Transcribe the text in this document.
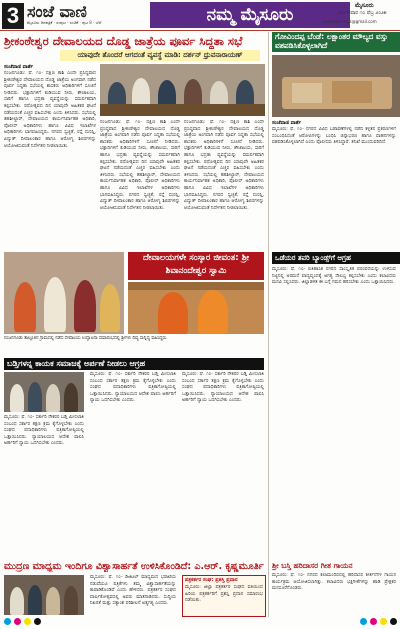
3 ಸಂಜೆ ವಾಣಿ
ಮೈಸೂರು ದಿನಪತ್ರಿಕೆ · ಸಂಪುಟ · ಸಂಚಿಕೆ · ಪುಟ 8 · ಬೆಲೆ	ನಮ್ಮ ಮೈಸೂರು	ಮೈಸೂರು
ಮಂಗಳವಾರ ೧೦ ಫೆಬ್ರ ೨೦೨೫
sanjevani.mys@gmail.com
ಶ್ರೀಕಂಠೇಶ್ವರ ದೇವಾಲಯದ ದೊಡ್ಡ ಜಾತ್ರೆಯ ಪೂರ್ವ ಸಿದ್ಧತಾ ಸಭೆ
ಯಾವುದೇ ತೊಂದರೆ ಆಗದಂತೆ ವ್ಯವಸ್ಥೆ ಮಾಡಿ: ದರ್ಶನ್ ಧ್ರುವನಾರಾಯಣ್
ಸಂಜೆವಾಣಿ ವಾರ್ತೆ
ನಂಜನಗೂಡು: ಫೆ. ೧೦- ದಕ್ಷಿಣ ಕಾಶಿ ಎಂದೇ ಪ್ರಸಿದ್ಧವಾದ ಶ್ರೀಕಂಠೇಶ್ವರ ದೇವಾಲಯದ ದೊಡ್ಡ ಜಾತ್ರೆಯ ಅಂಗವಾಗಿ ನಡೆದ ಪೂರ್ವ ಸಿದ್ಧತಾ ಸಭೆಯಲ್ಲಿ ಶಾಸಕರು ಅಧಿಕಾರಿಗಳಿಗೆ ಸೂಚನೆ ನೀಡಿದರು. ಭಕ್ತಾದಿಗಳಿಗೆ ಕುಡಿಯುವ ನೀರು, ಶೌಚಾಲಯ, ಸಾರಿಗೆ ಹಾಗೂ ಭದ್ರತಾ ವ್ಯವಸ್ಥೆಯನ್ನು ಸಮರ್ಪಕವಾಗಿ ಕಲ್ಪಿಸಬೇಕು. ರಥೋತ್ಸವದ ದಿನ ಯಾವುದೇ ಅಹಿತಕರ ಘಟನೆ ನಡೆಯದಂತೆ ಎಚ್ಚರ ವಹಿಸಬೇಕು ಎಂದು ತಿಳಿಸಿದರು. ಸಭೆಯಲ್ಲಿ ತಹಶೀಲ್ದಾರ್, ದೇವಾಲಯದ ಕಾರ್ಯನಿರ್ವಾಹಕ ಅಧಿಕಾರಿ, ಪೊಲೀಸ್ ಅಧಿಕಾರಿಗಳು ಹಾಗೂ ವಿವಿಧ ಇಲಾಖೆಗಳ ಅಧಿಕಾರಿಗಳು ಭಾಗವಹಿಸಿದ್ದರು. ನಗರದ ಸ್ವಚ್ಛತೆ, ರಸ್ತೆ ದುರಸ್ತಿ, ವಿದ್ಯುತ್ ದೀಪಾಲಂಕಾರ ಹಾಗೂ ಆರೋಗ್ಯ ಶಿಬಿರಗಳನ್ನು ಆಯೋಜಿಸುವಂತೆ ನಿರ್ದೇಶನ ನೀಡಲಾಯಿತು.
ನಂಜನಗೂಡು: ಫೆ. ೧೦- ದಕ್ಷಿಣ ಕಾಶಿ ಎಂದೇ ಪ್ರಸಿದ್ಧವಾದ ಶ್ರೀಕಂಠೇಶ್ವರ ದೇವಾಲಯದ ದೊಡ್ಡ ಜಾತ್ರೆಯ ಅಂಗವಾಗಿ ನಡೆದ ಪೂರ್ವ ಸಿದ್ಧತಾ ಸಭೆಯಲ್ಲಿ ಶಾಸಕರು ಅಧಿಕಾರಿಗಳಿಗೆ ಸೂಚನೆ ನೀಡಿದರು. ಭಕ್ತಾದಿಗಳಿಗೆ ಕುಡಿಯುವ ನೀರು, ಶೌಚಾಲಯ, ಸಾರಿಗೆ ಹಾಗೂ ಭದ್ರತಾ ವ್ಯವಸ್ಥೆಯನ್ನು ಸಮರ್ಪಕವಾಗಿ ಕಲ್ಪಿಸಬೇಕು. ರಥೋತ್ಸವದ ದಿನ ಯಾವುದೇ ಅಹಿತಕರ ಘಟನೆ ನಡೆಯದಂತೆ ಎಚ್ಚರ ವಹಿಸಬೇಕು ಎಂದು ತಿಳಿಸಿದರು. ಸಭೆಯಲ್ಲಿ ತಹಶೀಲ್ದಾರ್, ದೇವಾಲಯದ ಕಾರ್ಯನಿರ್ವಾಹಕ ಅಧಿಕಾರಿ, ಪೊಲೀಸ್ ಅಧಿಕಾರಿಗಳು ಹಾಗೂ ವಿವಿಧ ಇಲಾಖೆಗಳ ಅಧಿಕಾರಿಗಳು ಭಾಗವಹಿಸಿದ್ದರು. ನಗರದ ಸ್ವಚ್ಛತೆ, ರಸ್ತೆ ದುರಸ್ತಿ, ವಿದ್ಯುತ್ ದೀಪಾಲಂಕಾರ ಹಾಗೂ ಆರೋಗ್ಯ ಶಿಬಿರಗಳನ್ನು ಆಯೋಜಿಸುವಂತೆ ನಿರ್ದೇಶನ ನೀಡಲಾಯಿತು.
ನಂಜನಗೂಡು: ಫೆ. ೧೦- ದಕ್ಷಿಣ ಕಾಶಿ ಎಂದೇ ಪ್ರಸಿದ್ಧವಾದ ಶ್ರೀಕಂಠೇಶ್ವರ ದೇವಾಲಯದ ದೊಡ್ಡ ಜಾತ್ರೆಯ ಅಂಗವಾಗಿ ನಡೆದ ಪೂರ್ವ ಸಿದ್ಧತಾ ಸಭೆಯಲ್ಲಿ ಶಾಸಕರು ಅಧಿಕಾರಿಗಳಿಗೆ ಸೂಚನೆ ನೀಡಿದರು. ಭಕ್ತಾದಿಗಳಿಗೆ ಕುಡಿಯುವ ನೀರು, ಶೌಚಾಲಯ, ಸಾರಿಗೆ ಹಾಗೂ ಭದ್ರತಾ ವ್ಯವಸ್ಥೆಯನ್ನು ಸಮರ್ಪಕವಾಗಿ ಕಲ್ಪಿಸಬೇಕು. ರಥೋತ್ಸವದ ದಿನ ಯಾವುದೇ ಅಹಿತಕರ ಘಟನೆ ನಡೆಯದಂತೆ ಎಚ್ಚರ ವಹಿಸಬೇಕು ಎಂದು ತಿಳಿಸಿದರು. ಸಭೆಯಲ್ಲಿ ತಹಶೀಲ್ದಾರ್, ದೇವಾಲಯದ ಕಾರ್ಯನಿರ್ವಾಹಕ ಅಧಿಕಾರಿ, ಪೊಲೀಸ್ ಅಧಿಕಾರಿಗಳು ಹಾಗೂ ವಿವಿಧ ಇಲಾಖೆಗಳ ಅಧಿಕಾರಿಗಳು ಭಾಗವಹಿಸಿದ್ದರು. ನಗರದ ಸ್ವಚ್ಛತೆ, ರಸ್ತೆ ದುರಸ್ತಿ, ವಿದ್ಯುತ್ ದೀಪಾಲಂಕಾರ ಹಾಗೂ ಆರೋಗ್ಯ ಶಿಬಿರಗಳನ್ನು ಆಯೋಜಿಸುವಂತೆ ನಿರ್ದೇಶನ ನೀಡಲಾಯಿತು.
ಗೋವಿಂದಪ್ಪ ಬೆಂಡೆ: ಲಕ್ಷಾಂತರ ಮೌಲ್ಯದ ವಸ್ತು ವಶಪಡಿಸಿಕೊಳ್ಳಲಾಗಿದೆ
ಸಂಜೆವಾಣಿ ವಾರ್ತೆ
ಮೈಸೂರು: ಫೆ. ೧೦- ನಗರದ ವಿವಿಧ ಬಡಾವಣೆಗಳಲ್ಲಿ ನಡೆದ ಕಳ್ಳತನ ಪ್ರಕರಣಗಳಿಗೆ ಸಂಬಂಧಿಸಿದಂತೆ ಆರೋಪಿಗಳನ್ನು ಬಂಧಿಸಿ ಚಿನ್ನಾಭರಣ ಹಾಗೂ ವಾಹನಗಳನ್ನು ವಶಪಡಿಸಿಕೊಳ್ಳಲಾಗಿದೆ ಎಂದು ಪೊಲೀಸರು ತಿಳಿಸಿದ್ದಾರೆ. ತನಿಖೆ ಮುಂದುವರಿದಿದೆ.
ದೇವಾಲಯಗಳೇ ಸಂಸ್ಕಾರ ಜೀವಂತ: ಶ್ರೀ ಶಿವಾನಂದೇಶ್ವರ ಸ್ವಾಮಿ
ನಂಜನಗೂಡು ತಾಲ್ಲೂಕಿನ ಗ್ರಾಮದಲ್ಲಿ ನಡೆದ ದೇವಾಲಯ ಉದ್ಘಾಟನಾ ಸಮಾರಂಭದಲ್ಲಿ ಶ್ರೀಗಳು ದಿವ್ಯ ಸಾನ್ನಿಧ್ಯ ವಹಿಸಿದ್ದರು.
ಬಡ್ತಿಗಳನ್ನ ಕಾಯಕ ಸಮಾಜಕ್ಕೆ ಅರ್ಪಣೆ ನೀಡಲು ಆಗ್ರಹ
ಮೈಸೂರು: ಫೆ. ೧೦- ಸರ್ಕಾರಿ ನೌಕರರ ಬಡ್ತಿ ಮೀಸಲಾತಿ ಸಂಬಂಧ ಸರ್ಕಾರ ತಕ್ಷಣ ಕ್ರಮ ಕೈಗೊಳ್ಳಬೇಕು ಎಂದು ಸಂಘದ ಪದಾಧಿಕಾರಿಗಳು ಪತ್ರಿಕಾಗೋಷ್ಠಿಯಲ್ಲಿ ಒತ್ತಾಯಿಸಿದರು. ನ್ಯಾಯಾಲಯದ ಆದೇಶ ಪಾಲಿಸಿ ಅರ್ಹರಿಗೆ ನ್ಯಾಯ ಒದಗಿಸಬೇಕು ಎಂದರು.
ಮೈಸೂರು: ಫೆ. ೧೦- ಸರ್ಕಾರಿ ನೌಕರರ ಬಡ್ತಿ ಮೀಸಲಾತಿ ಸಂಬಂಧ ಸರ್ಕಾರ ತಕ್ಷಣ ಕ್ರಮ ಕೈಗೊಳ್ಳಬೇಕು ಎಂದು ಸಂಘದ ಪದಾಧಿಕಾರಿಗಳು ಪತ್ರಿಕಾಗೋಷ್ಠಿಯಲ್ಲಿ ಒತ್ತಾಯಿಸಿದರು. ನ್ಯಾಯಾಲಯದ ಆದೇಶ ಪಾಲಿಸಿ ಅರ್ಹರಿಗೆ ನ್ಯಾಯ ಒದಗಿಸಬೇಕು ಎಂದರು.
ಮೈಸೂರು: ಫೆ. ೧೦- ಸರ್ಕಾರಿ ನೌಕರರ ಬಡ್ತಿ ಮೀಸಲಾತಿ ಸಂಬಂಧ ಸರ್ಕಾರ ತಕ್ಷಣ ಕ್ರಮ ಕೈಗೊಳ್ಳಬೇಕು ಎಂದು ಸಂಘದ ಪದಾಧಿಕಾರಿಗಳು ಪತ್ರಿಕಾಗೋಷ್ಠಿಯಲ್ಲಿ ಒತ್ತಾಯಿಸಿದರು. ನ್ಯಾಯಾಲಯದ ಆದೇಶ ಪಾಲಿಸಿ ಅರ್ಹರಿಗೆ ನ್ಯಾಯ ಒದಗಿಸಬೇಕು ಎಂದರು.
ಒಡೆಯರ ತವರಿ ಬ್ಯಾಂಡ್ಸ್‌ಗೆ ಆಗ್ರಹ
ಮೈಸೂರು: ಫೆ. ೧೦- ಐತಿಹಾಸಿಕ ನಗರದ ಸಾಂಸ್ಕೃತಿಕ ಪರಂಪರೆಯನ್ನು ಉಳಿಸುವ ನಿಟ್ಟಿನಲ್ಲಿ ಅರಮನೆ ವಾದ್ಯವೃಂದಕ್ಕೆ ಅಗತ್ಯ ಸೌಲಭ್ಯ ಕಲ್ಪಿಸಬೇಕು ಎಂದು ಕಲಾವಿದರು ಮನವಿ ಸಲ್ಲಿಸಿದರು. ಜಿಲ್ಲಾಡಳಿತ ಈ ಬಗ್ಗೆ ಗಮನ ಹರಿಸಬೇಕು ಎಂದು ಒತ್ತಾಯಿಸಿದರು.
ಮುದ್ರಣ ಮಾಧ್ಯಮ ಇಂದಿಗೂ ವಿಶ್ವಾಸಾರ್ಹತೆ ಉಳಿಸಿಕೊಂಡಿದೆ: ಎ.ಆರ್. ಕೃಷ್ಣಮೂರ್ತಿ
ಮೈಸೂರು: ಫೆ. ೧೦- ಡಿಜಿಟಲ್ ಮಾಧ್ಯಮದ ಭರಾಟೆಯ ನಡುವೆಯೂ ಪತ್ರಿಕೆಗಳು ತಮ್ಮ ವಿಶ್ವಾಸಾರ್ಹತೆಯನ್ನು ಕಾಪಾಡಿಕೊಂಡಿವೆ ಎಂದು ಹೇಳಿದರು. ಪತ್ರಕರ್ತರ ಸಂಘದ ವಾರ್ಷಿಕೋತ್ಸವದಲ್ಲಿ ಅವರು ಮಾತನಾಡಿದರು. ಸುದ್ದಿಯ ನಿಖರತೆ ಮತ್ತು ಸತ್ಯಾಂಶ ಪರಿಶೀಲನೆ ಅತ್ಯಗತ್ಯ ಎಂದರು.
ಪತ್ರಕರ್ತರ ಸಂಘ: ಪ್ರಶಸ್ತಿ ಪ್ರದಾನ
ಮೈಸೂರು: ಜಿಲ್ಲಾ ಪತ್ರಕರ್ತರ ಸಂಘದ ವತಿಯಿಂದ ಹಿರಿಯ ಪತ್ರಕರ್ತರಿಗೆ ಪ್ರಶಸ್ತಿ ಪ್ರದಾನ ಸಮಾರಂಭ ನಡೆಯಿತು.
ಶ್ರೀ ಬಸ್ತಿ ಹರಿದಾಸರ ಗೀತ ಗಾಯನ
ಮೈಸೂರು: ಫೆ. ೧೦- ನಗರದ ಕಲಾಮಂದಿರದಲ್ಲಿ ಹರಿದಾಸರ ಕೀರ್ತನೆಗಳ ಗಾಯನ ಕಾರ್ಯಕ್ರಮ ಆಯೋಜಿಸಲಾಗಿತ್ತು. ಕಲಾವಿದರು ಭಕ್ತಿಗೀತೆಗಳನ್ನು ಹಾಡಿ ಪ್ರೇಕ್ಷಕರ ಮನಸೂರೆಗೊಂಡರು.
